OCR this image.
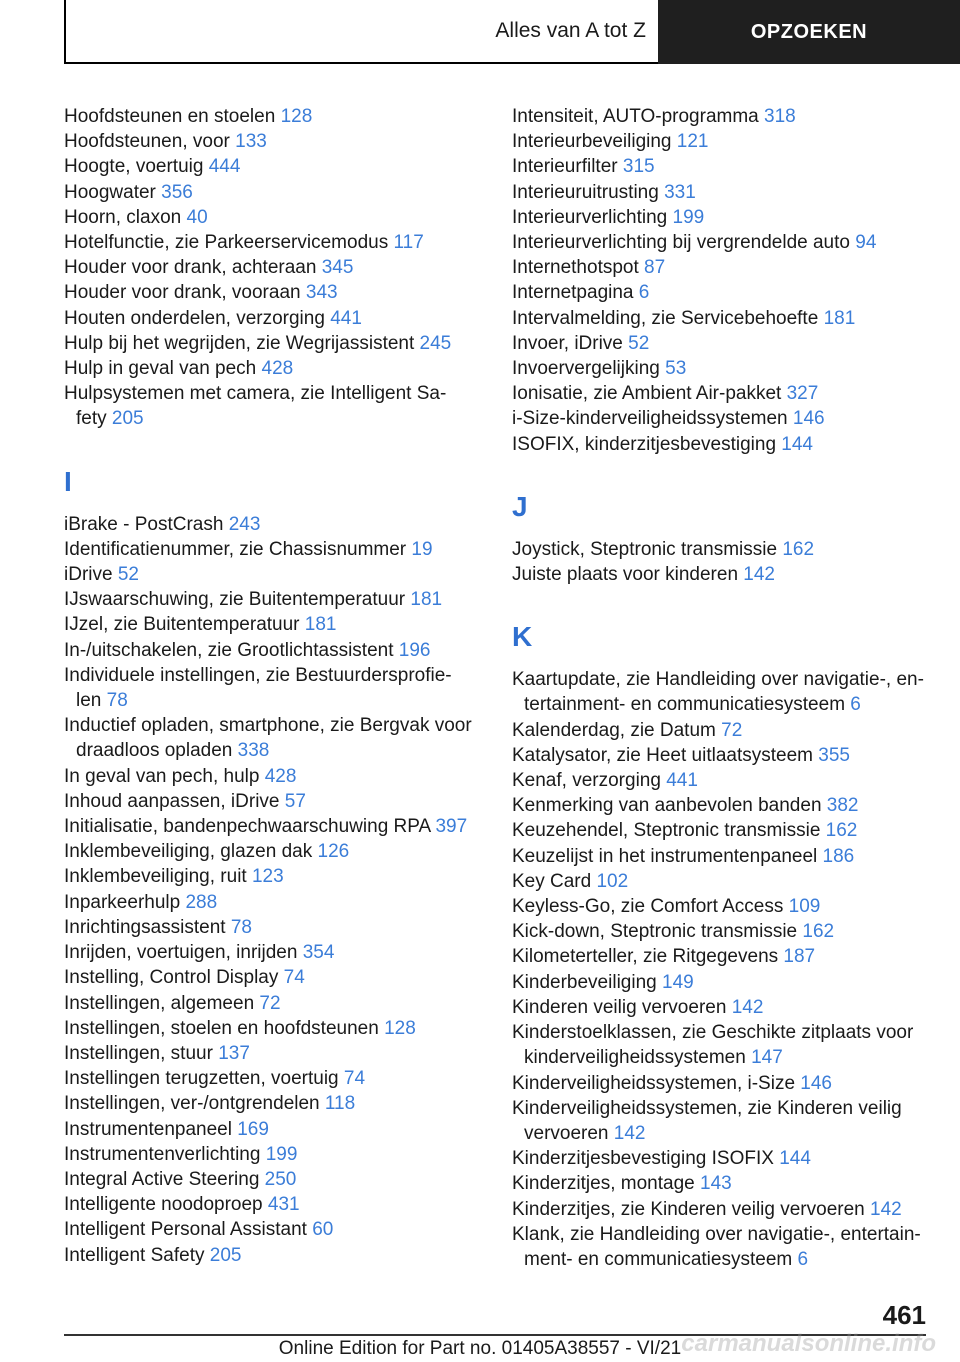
Alles van A tot Z	OPZOEKEN
Hoofdsteunen en stoelen 128
Hoofdsteunen, voor 133
Hoogte, voertuig 444
Hoogwater 356
Hoorn, claxon 40
Hotelfunctie, zie Parkeerservicemodus 117
Houder voor drank, achteraan 345
Houder voor drank, vooraan 343
Houten onderdelen, verzorging 441
Hulp bij het wegrijden, zie Wegrijassistent 245
Hulp in geval van pech 428
Hulpsystemen met camera, zie Intelligent Sa-fety 205
I
iBrake - PostCrash 243
Identificatienummer, zie Chassisnummer 19
iDrive 52
IJswaarschuwing, zie Buitentemperatuur 181
IJzel, zie Buitentemperatuur 181
In-/uitschakelen, zie Grootlichtassistent 196
Individuele instellingen, zie Bestuurdersprofie-len 78
Inductief opladen, smartphone, zie Bergvak voor draadloos opladen 338
In geval van pech, hulp 428
Inhoud aanpassen, iDrive 57
Initialisatie, bandenpechwaarschuwing RPA 397
Inklembeveiliging, glazen dak 126
Inklembeveiliging, ruit 123
Inparkeerhulp 288
Inrichtingsassistent 78
Inrijden, voertuigen, inrijden 354
Instelling, Control Display 74
Instellingen, algemeen 72
Instellingen, stoelen en hoofdsteunen 128
Instellingen, stuur 137
Instellingen terugzetten, voertuig 74
Instellingen, ver-/ontgrendelen 118
Instrumentenpaneel 169
Instrumentenverlichting 199
Integral Active Steering 250
Intelligente noodoproep 431
Intelligent Personal Assistant 60
Intelligent Safety 205
Intensiteit, AUTO-programma 318
Interieurbeveiliging 121
Interieurfilter 315
Interieuruitrusting 331
Interieurverlichting 199
Interieurverlichting bij vergrendelde auto 94
Internethotspot 87
Internetpagina 6
Intervalmelding, zie Servicebehoefte 181
Invoer, iDrive 52
Invoervergelijking 53
Ionisatie, zie Ambient Air-pakket 327
i-Size-kinderveiligheidssystemen 146
ISOFIX, kinderzitjesbevestiging 144
J
Joystick, Steptronic transmissie 162
Juiste plaats voor kinderen 142
K
Kaartupdate, zie Handleiding over navigatie-, en-tertainment- en communicatiesysteem 6
Kalenderdag, zie Datum 72
Katalysator, zie Heet uitlaatsysteem 355
Kenaf, verzorging 441
Kenmerking van aanbevolen banden 382
Keuzehendel, Steptronic transmissie 162
Keuzelijst in het instrumentenpaneel 186
Key Card 102
Keyless-Go, zie Comfort Access 109
Kick-down, Steptronic transmissie 162
Kilometerteller, zie Ritgegevens 187
Kinderbeveiliging 149
Kinderen veilig vervoeren 142
Kinderstoelklassen, zie Geschikte zitplaats voor kinderveiligheidssystemen 147
Kinderveiligheidssystemen, i-Size 146
Kinderveiligheidssystemen, zie Kinderen veilig vervoeren 142
Kinderzitjesbevestiging ISOFIX 144
Kinderzitjes, montage 143
Kinderzitjes, zie Kinderen veilig vervoeren 142
Klank, zie Handleiding over navigatie-, entertain-ment- en communicatiesysteem 6
461
Online Edition for Part no. 01405A38557 - VI/21 carmanualsonline.info
